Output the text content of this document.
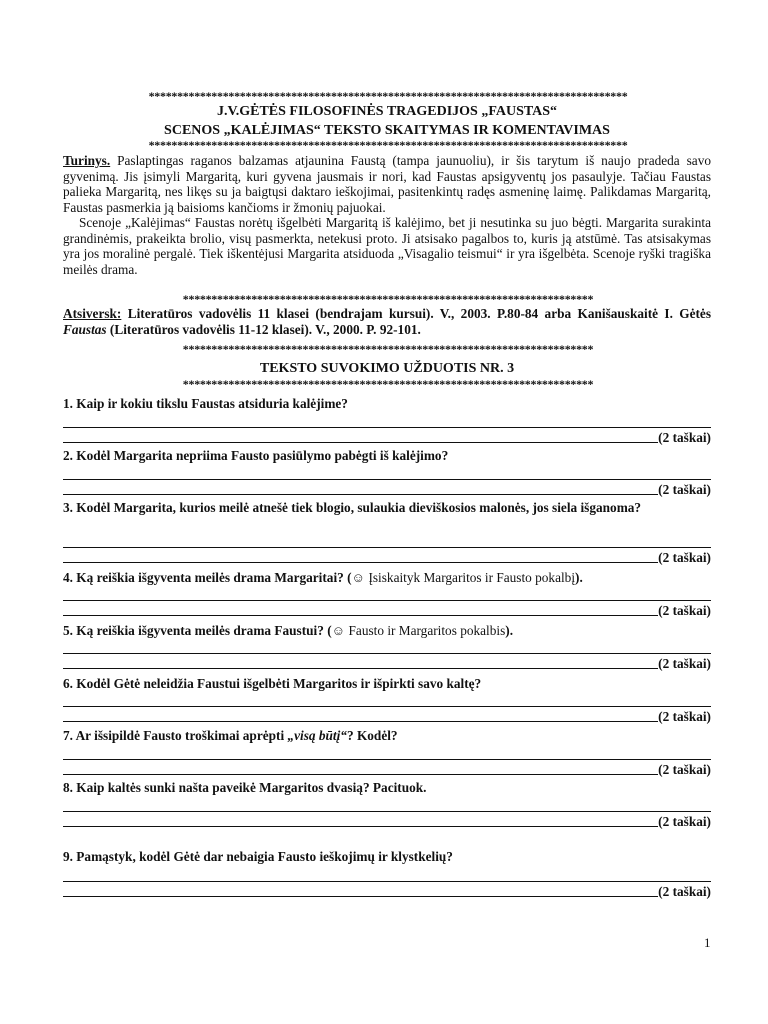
************************************************************************************
J.V.GĖTĖS FILOSOFINĖS TRAGEDIJOS „FAUSTAS“
SCENOS „KALĖJIMAS“ TEKSTO SKAITYMAS IR KOMENTAVIMAS
************************************************************************************

Turinys. Paslaptingas raganos balzamas atjaunina Faustą (tampa jaunuoliu), ir šis tarytum iš naujo pradeda savo gyvenimą. Jis įsimyli Margaritą, kuri gyvena jausmais ir nori, kad Faustas apsigyventų jos pasaulyje. Tačiau Faustas palieka Margaritą, nes likęs su ja baigtųsi daktaro ieškojimai, pasitenkintų radęs asmeninę laimę. Palikdamas Margaritą, Faustas pasmerkia ją baisioms kančioms ir žmonių pajuokai.

Scenoje „Kalėjimas“ Faustas norėtų išgelbėti Margaritą iš kalėjimo, bet ji nesutinka su juo bėgti. Margarita surakinta grandinėmis, prakeikta brolio, visų pasmerkta, netekusi proto. Ji atsisako pagalbos to, kuris ją atstūmė. Tas atsisakymas yra jos moralinė pergalė. Tiek iškentėjusi Margarita atsiduoda „Visagalio teismui“ ir yra išgelbėta. Scenoje ryški tragiška meilės drama.

************************************************************************

Atsiversk: Literatūros vadovėlis 11 klasei (bendrajam kursui). V., 2003. P.80-84 arba Kanišauskaitė I. Gėtės Faustas (Literatūros vadovėlis 11-12 klasei). V., 2000. P. 92-101.

************************************************************************
TEKSTO SUVOKIMO UŽDUOTIS NR. 3
************************************************************************

1. Kaip ir kokiu tikslu Faustas atsiduria kalėjime?

(2 taškai)

2. Kodėl Margarita nepriima Fausto pasiūlymo pabėgti iš kalėjimo?

(2 taškai)

3. Kodėl Margarita, kurios meilė atnešė tiek blogio, sulaukia dieviškosios malonės, jos siela išganoma?

(2 taškai)

4. Ką reiškia išgyventa meilės drama Margaritai? (☺ Įsiskaityk Margaritos ir Fausto pokalbį).

(2 taškai)

5. Ką reiškia išgyventa meilės drama Faustui? (☺ Fausto ir Margaritos pokalbis).

(2 taškai)

6. Kodėl Gėtė neleidžia Faustui išgelbėti Margaritos ir išpirkti savo kaltę?

(2 taškai)

7. Ar išsipildė Fausto troškimai aprėpti „visą būtį“? Kodėl?

(2 taškai)

8. Kaip kaltės sunki našta paveikė Margaritos dvasią? Pacituok.

(2 taškai)

9. Pamąstyk, kodėl Gėtė dar nebaigia Fausto ieškojimų ir klystkelių?

(2 taškai)
1
